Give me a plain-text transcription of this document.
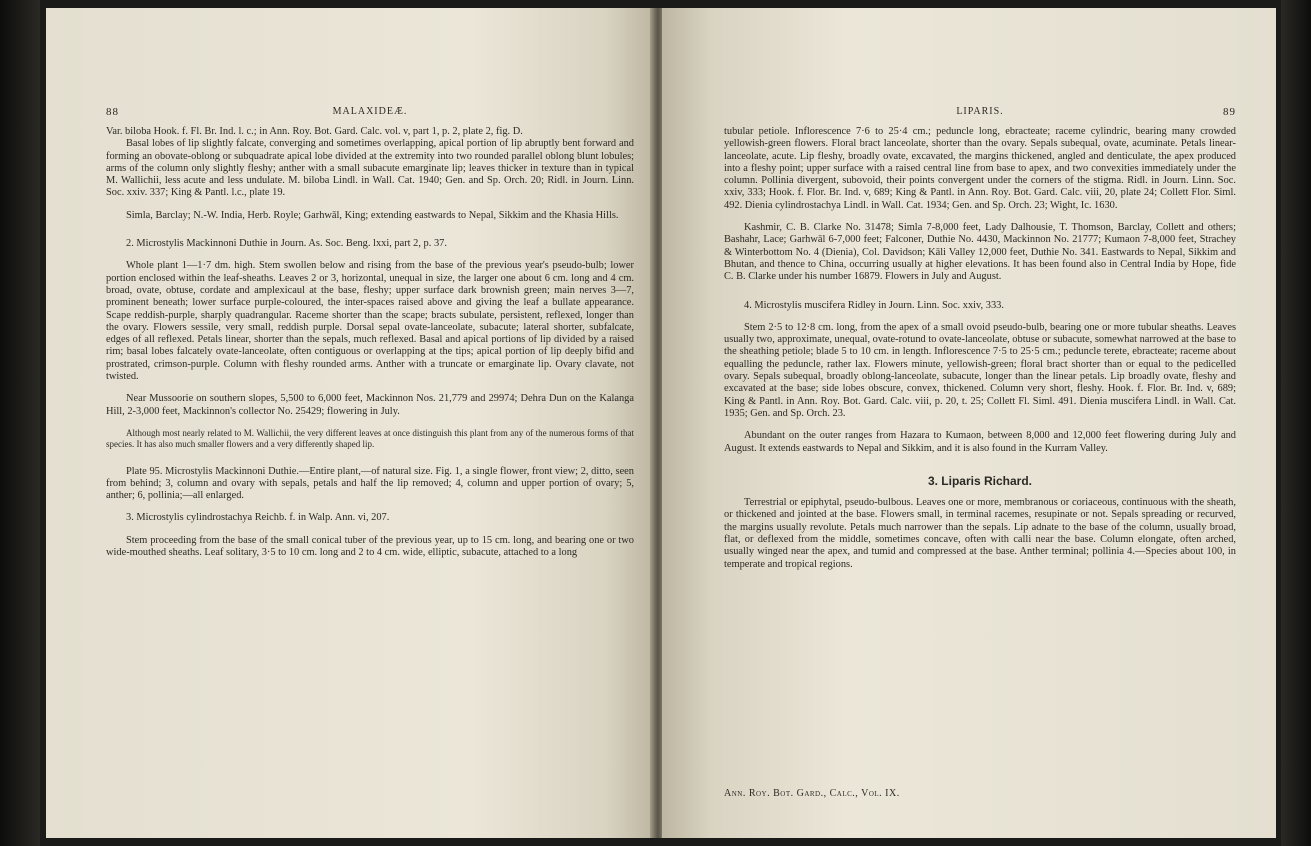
88	MALAXIDEÆ.

Var. biloba Hook. f. Fl. Br. Ind. l. c.; in Ann. Roy. Bot. Gard. Calc. vol. v, part 1, p. 2, plate 2, fig. D.

Basal lobes of lip slightly falcate, converging and sometimes overlapping, apical portion of lip abruptly bent forward and forming an obovate-oblong or subquadrate apical lobe divided at the extremity into two rounded parallel oblong blunt lobules; arms of the column only slightly fleshy; anther with a small subacute emarginate lip; leaves thicker in texture than in typical M. Wallichii, less acute and less undulate. M. biloba Lindl. in Wall. Cat. 1940; Gen. and Sp. Orch. 20; Ridl. in Journ. Linn. Soc. xxiv. 337; King & Pantl. l.c., plate 19.

Simla, Barclay; N.-W. India, Herb. Royle; Garhwāl, King; extending eastwards to Nepal, Sikkim and the Khasia Hills.

2. Microstylis Mackinnoni Duthie in Journ. As. Soc. Beng. lxxi, part 2, p. 37.

Whole plant 1—1·7 dm. high. Stem swollen below and rising from the base of the previous year's pseudo-bulb; lower portion enclosed within the leaf-sheaths. Leaves 2 or 3, horizontal, unequal in size, the larger one about 6 cm. long and 4 cm. broad, ovate, obtuse, cordate and amplexicaul at the base, fleshy; upper surface dark brownish green; main nerves 3—7, prominent beneath; lower surface purple-coloured, the inter-spaces raised above and giving the leaf a bullate appearance. Scape reddish-purple, sharply quadrangular. Raceme shorter than the scape; bracts subulate, persistent, reflexed, longer than the ovary. Flowers sessile, very small, reddish purple. Dorsal sepal ovate-lanceolate, subacute; lateral shorter, subfalcate, edges of all reflexed. Petals linear, shorter than the sepals, much reflexed. Basal and apical portions of lip divided by a raised rim; basal lobes falcately ovate-lanceolate, often contiguous or overlapping at the tips; apical portion of lip deeply bifid and prostrated, crimson-purple. Column with fleshy rounded arms. Anther with a truncate or emarginate lip. Ovary clavate, not twisted.

Near Mussoorie on southern slopes, 5,500 to 6,000 feet, Mackinnon Nos. 21,779 and 29974; Dehra Dun on the Kalanga Hill, 2-3,000 feet, Mackinnon's collector No. 25429; flowering in July.

Although most nearly related to M. Wallichii, the very different leaves at once distinguish this plant from any of the numerous forms of that species. It has also much smaller flowers and a very differently shaped lip.

Plate 95. Microstylis Mackinnoni Duthie.—Entire plant,—of natural size. Fig. 1, a single flower, front view; 2, ditto, seen from behind; 3, column and ovary with sepals, petals and half the lip removed; 4, column and upper portion of ovary; 5, anther; 6, pollinia;—all enlarged.

3. Microstylis cylindrostachya Reichb. f. in Walp. Ann. vi, 207.

Stem proceeding from the base of the small conical tuber of the previous year, up to 15 cm. long, and bearing one or two wide-mouthed sheaths. Leaf solitary, 3·5 to 10 cm. long and 2 to 4 cm. wide, elliptic, subacute, attached to a long

LIPARIS.	89

tubular petiole. Inflorescence 7·6 to 25·4 cm.; peduncle long, ebracteate; raceme cylindric, bearing many crowded yellowish-green flowers. Floral bract lanceolate, shorter than the ovary. Sepals subequal, ovate, acuminate. Petals linear-lanceolate, acute. Lip fleshy, broadly ovate, excavated, the margins thickened, angled and denticulate, the apex produced into a fleshy point; upper surface with a raised central line from base to apex, and two convexities immediately under the column. Pollinia divergent, subovoid, their points convergent under the corners of the stigma. Ridl. in Journ. Linn. Soc. xxiv, 333; Hook. f. Flor. Br. Ind. v, 689; King & Pantl. in Ann. Roy. Bot. Gard. Calc. viii, 20, plate 24; Collett Flor. Siml. 492. Dienia cylindrostachya Lindl. in Wall. Cat. 1934; Gen. and Sp. Orch. 23; Wight, Ic. 1630.

Kashmir, C. B. Clarke No. 31478; Simla 7-8,000 feet, Lady Dalhousie, T. Thomson, Barclay, Collett and others; Bashahr, Lace; Garhwāl 6-7,000 feet; Falconer, Duthie No. 4430, Mackinnon No. 21777; Kumaon 7-8,000 feet, Strachey & Winterbottom No. 4 (Dienia), Col. Davidson; Kāli Valley 12,000 feet, Duthie No. 341. Eastwards to Nepal, Sikkim and Bhutan, and thence to China, occurring usually at higher elevations. It has been found also in Central India by Hope, fide C. B. Clarke under his number 16879. Flowers in July and August.

4. Microstylis muscifera Ridley in Journ. Linn. Soc. xxiv, 333.

Stem 2·5 to 12·8 cm. long, from the apex of a small ovoid pseudo-bulb, bearing one or more tubular sheaths. Leaves usually two, approximate, unequal, ovate-rotund to ovate-lanceolate, obtuse or subacute, somewhat narrowed at the base to the sheathing petiole; blade 5 to 10 cm. in length. Inflorescence 7·5 to 25·5 cm.; peduncle terete, ebracteate; raceme about equalling the peduncle, rather lax. Flowers minute, yellowish-green; floral bract shorter than or equal to the pedicelled ovary. Sepals subequal, broadly oblong-lanceolate, subacute, longer than the linear petals. Lip broadly ovate, fleshy and excavated at the base; side lobes obscure, convex, thickened. Column very short, fleshy. Hook. f. Flor. Br. Ind. v, 689; King & Pantl. in Ann. Roy. Bot. Gard. Calc. viii, p. 20, t. 25; Collett Fl. Siml. 491. Dienia muscifera Lindl. in Wall. Cat. 1935; Gen. and Sp. Orch. 23.

Abundant on the outer ranges from Hazara to Kumaon, between 8,000 and 12,000 feet flowering during July and August. It extends eastwards to Nepal and Sikkim, and it is also found in the Kurram Valley.

3. Liparis Richard.

Terrestrial or epiphytal, pseudo-bulbous. Leaves one or more, membranous or coriaceous, continuous with the sheath, or thickened and jointed at the base. Flowers small, in terminal racemes, resupinate or not. Sepals spreading or recurved, the margins usually revolute. Petals much narrower than the sepals. Lip adnate to the base of the column, usually broad, flat, or deflexed from the middle, sometimes concave, often with calli near the base. Column elongate, often arched, usually winged near the apex, and tumid and compressed at the base. Anther terminal; pollinia 4.—Species about 100, in temperate and tropical regions.

Ann. Roy. Bot. Gard., Calc., Vol. IX.
